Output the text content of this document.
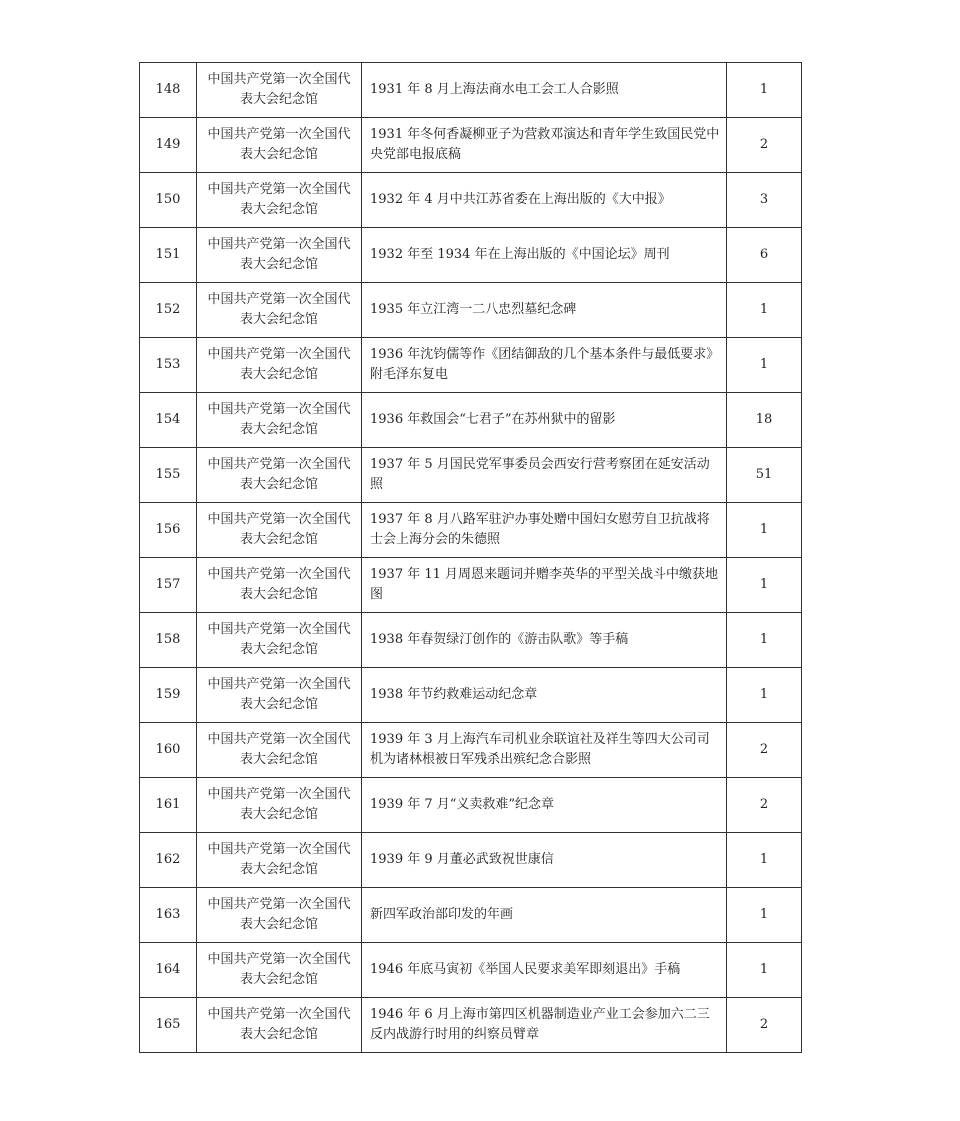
148	中国共产党第一次全国代表大会纪念馆	1931 年 8 月上海法商水电工会工人合影照	1
149	中国共产党第一次全国代表大会纪念馆	1931 年冬何香凝柳亚子为营救邓演达和青年学生致国民党中央党部电报底稿	2
150	中国共产党第一次全国代表大会纪念馆	1932 年 4 月中共江苏省委在上海出版的《大中报》	3
151	中国共产党第一次全国代表大会纪念馆	1932 年至 1934 年在上海出版的《中国论坛》周刊	6
152	中国共产党第一次全国代表大会纪念馆	1935 年立江湾一二八忠烈墓纪念碑	1
153	中国共产党第一次全国代表大会纪念馆	1936 年沈钧儒等作《团结御敌的几个基本条件与最低要求》附毛泽东复电	1
154	中国共产党第一次全国代表大会纪念馆	1936 年救国会“七君子”在苏州狱中的留影	18
155	中国共产党第一次全国代表大会纪念馆	1937 年 5 月国民党军事委员会西安行营考察团在延安活动照	51
156	中国共产党第一次全国代表大会纪念馆	1937 年 8 月八路军驻沪办事处赠中国妇女慰劳自卫抗战将士会上海分会的朱德照	1
157	中国共产党第一次全国代表大会纪念馆	1937 年 11 月周恩来题词并赠李英华的平型关战斗中缴获地图	1
158	中国共产党第一次全国代表大会纪念馆	1938 年春贺绿汀创作的《游击队歌》等手稿	1
159	中国共产党第一次全国代表大会纪念馆	1938 年节约救难运动纪念章	1
160	中国共产党第一次全国代表大会纪念馆	1939 年 3 月上海汽车司机业余联谊社及祥生等四大公司司机为诸林根被日军残杀出殡纪念合影照	2
161	中国共产党第一次全国代表大会纪念馆	1939 年 7 月“义卖救难”纪念章	2
162	中国共产党第一次全国代表大会纪念馆	1939 年 9 月董必武致祝世康信	1
163	中国共产党第一次全国代表大会纪念馆	新四军政治部印发的年画	1
164	中国共产党第一次全国代表大会纪念馆	1946 年底马寅初《举国人民要求美军即刻退出》手稿	1
165	中国共产党第一次全国代表大会纪念馆	1946 年 6 月上海市第四区机器制造业产业工会参加六二三反内战游行时用的纠察员臂章	2
